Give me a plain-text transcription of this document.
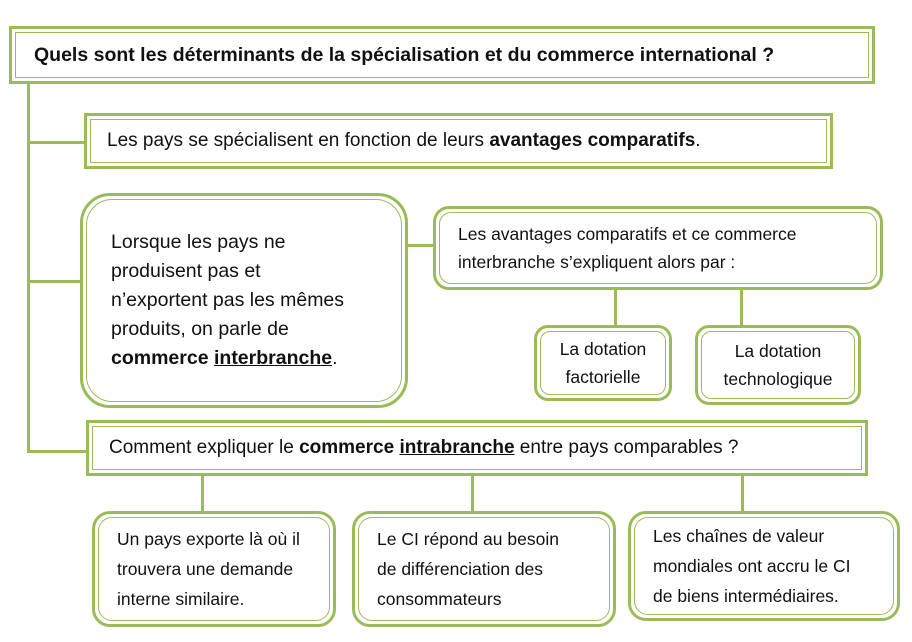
Quels sont les déterminants de la spécialisation et du commerce international ?
Les pays se spécialisent en fonction de leurs avantages comparatifs.
Lorsque les pays ne
produisent pas et
n’exportent pas les mêmes
produits, on parle de
commerce interbranche.
Les avantages comparatifs et ce commerce
interbranche s’expliquent alors par :
La dotation
factorielle
La dotation
technologique
Comment expliquer le commerce intrabranche entre pays comparables ?
Un pays exporte là où il
trouvera une demande
interne similaire.
Le CI répond au besoin
de différenciation des
consommateurs
Les chaînes de valeur
mondiales ont accru le CI
de biens intermédiaires.
